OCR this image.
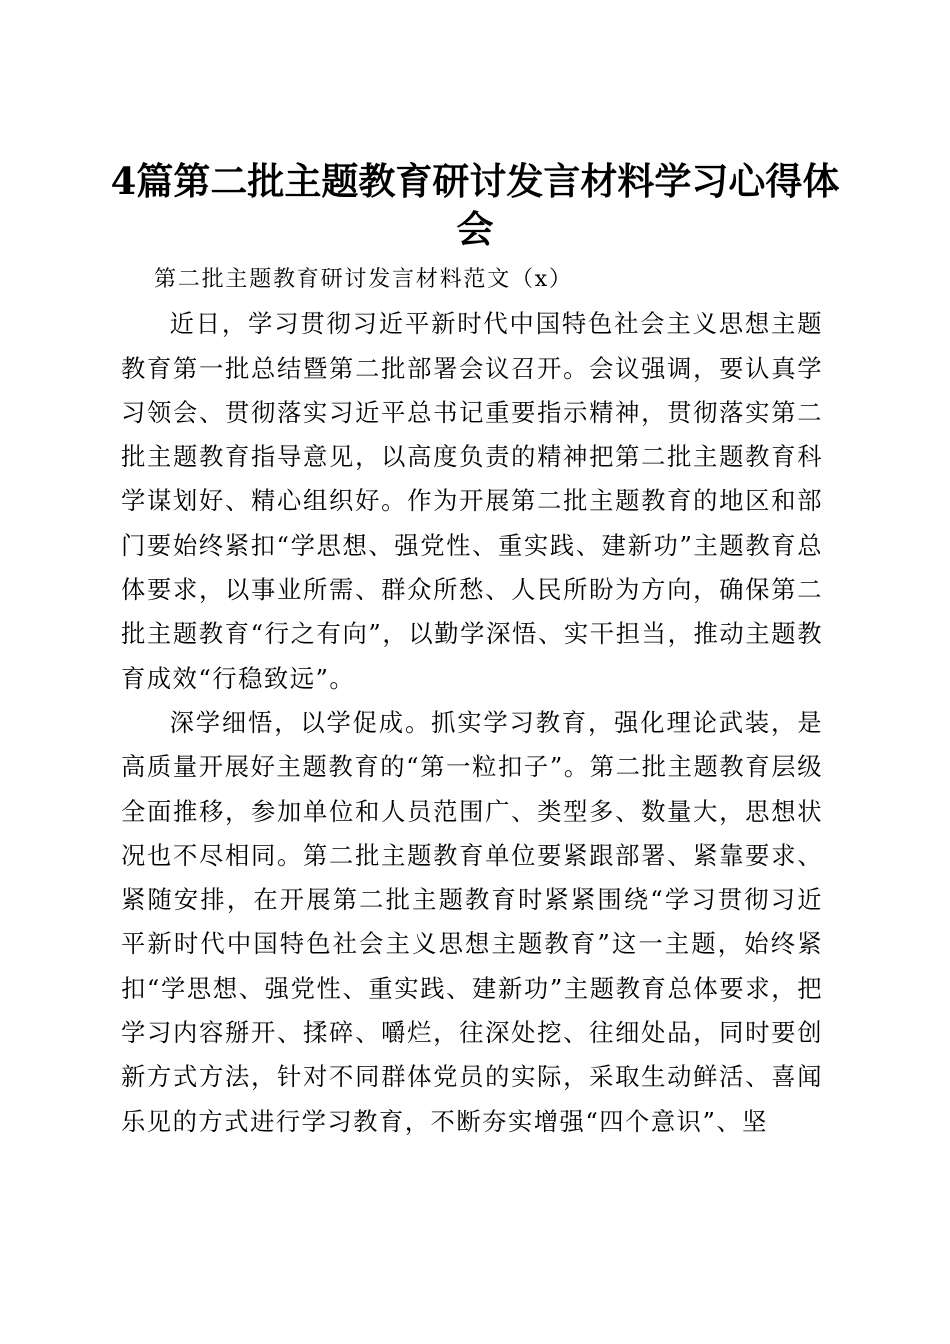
4篇第二批主题教育研讨发言材料学习心得体会

第二批主题教育研讨发言材料范文（x）

近日，学习贯彻习近平新时代中国特色社会主义思想主题教育第一批总结暨第二批部署会议召开。会议强调，要认真学习领会、贯彻落实习近平总书记重要指示精神，贯彻落实第二批主题教育指导意见，以高度负责的精神把第二批主题教育科学谋划好、精心组织好。作为开展第二批主题教育的地区和部门要始终紧扣“学思想、强党性、重实践、建新功”主题教育总体要求，以事业所需、群众所愁、人民所盼为方向，确保第二批主题教育“行之有向”，以勤学深悟、实干担当，推动主题教育成效“行稳致远”。

深学细悟，以学促成。抓实学习教育，强化理论武装，是高质量开展好主题教育的“第一粒扣子”。第二批主题教育层级全面推移，参加单位和人员范围广、类型多、数量大，思想状况也不尽相同。第二批主题教育单位要紧跟部署、紧靠要求、紧随安排，在开展第二批主题教育时紧紧围绕“学习贯彻习近平新时代中国特色社会主义思想主题教育”这一主题，始终紧扣“学思想、强党性、重实践、建新功”主题教育总体要求，把学习内容掰开、揉碎、嚼烂，往深处挖、往细处品，同时要创新方式方法，针对不同群体党员的实际，采取生动鲜活、喜闻乐见的方式进行学习教育，不断夯实增强“四个意识”、坚
